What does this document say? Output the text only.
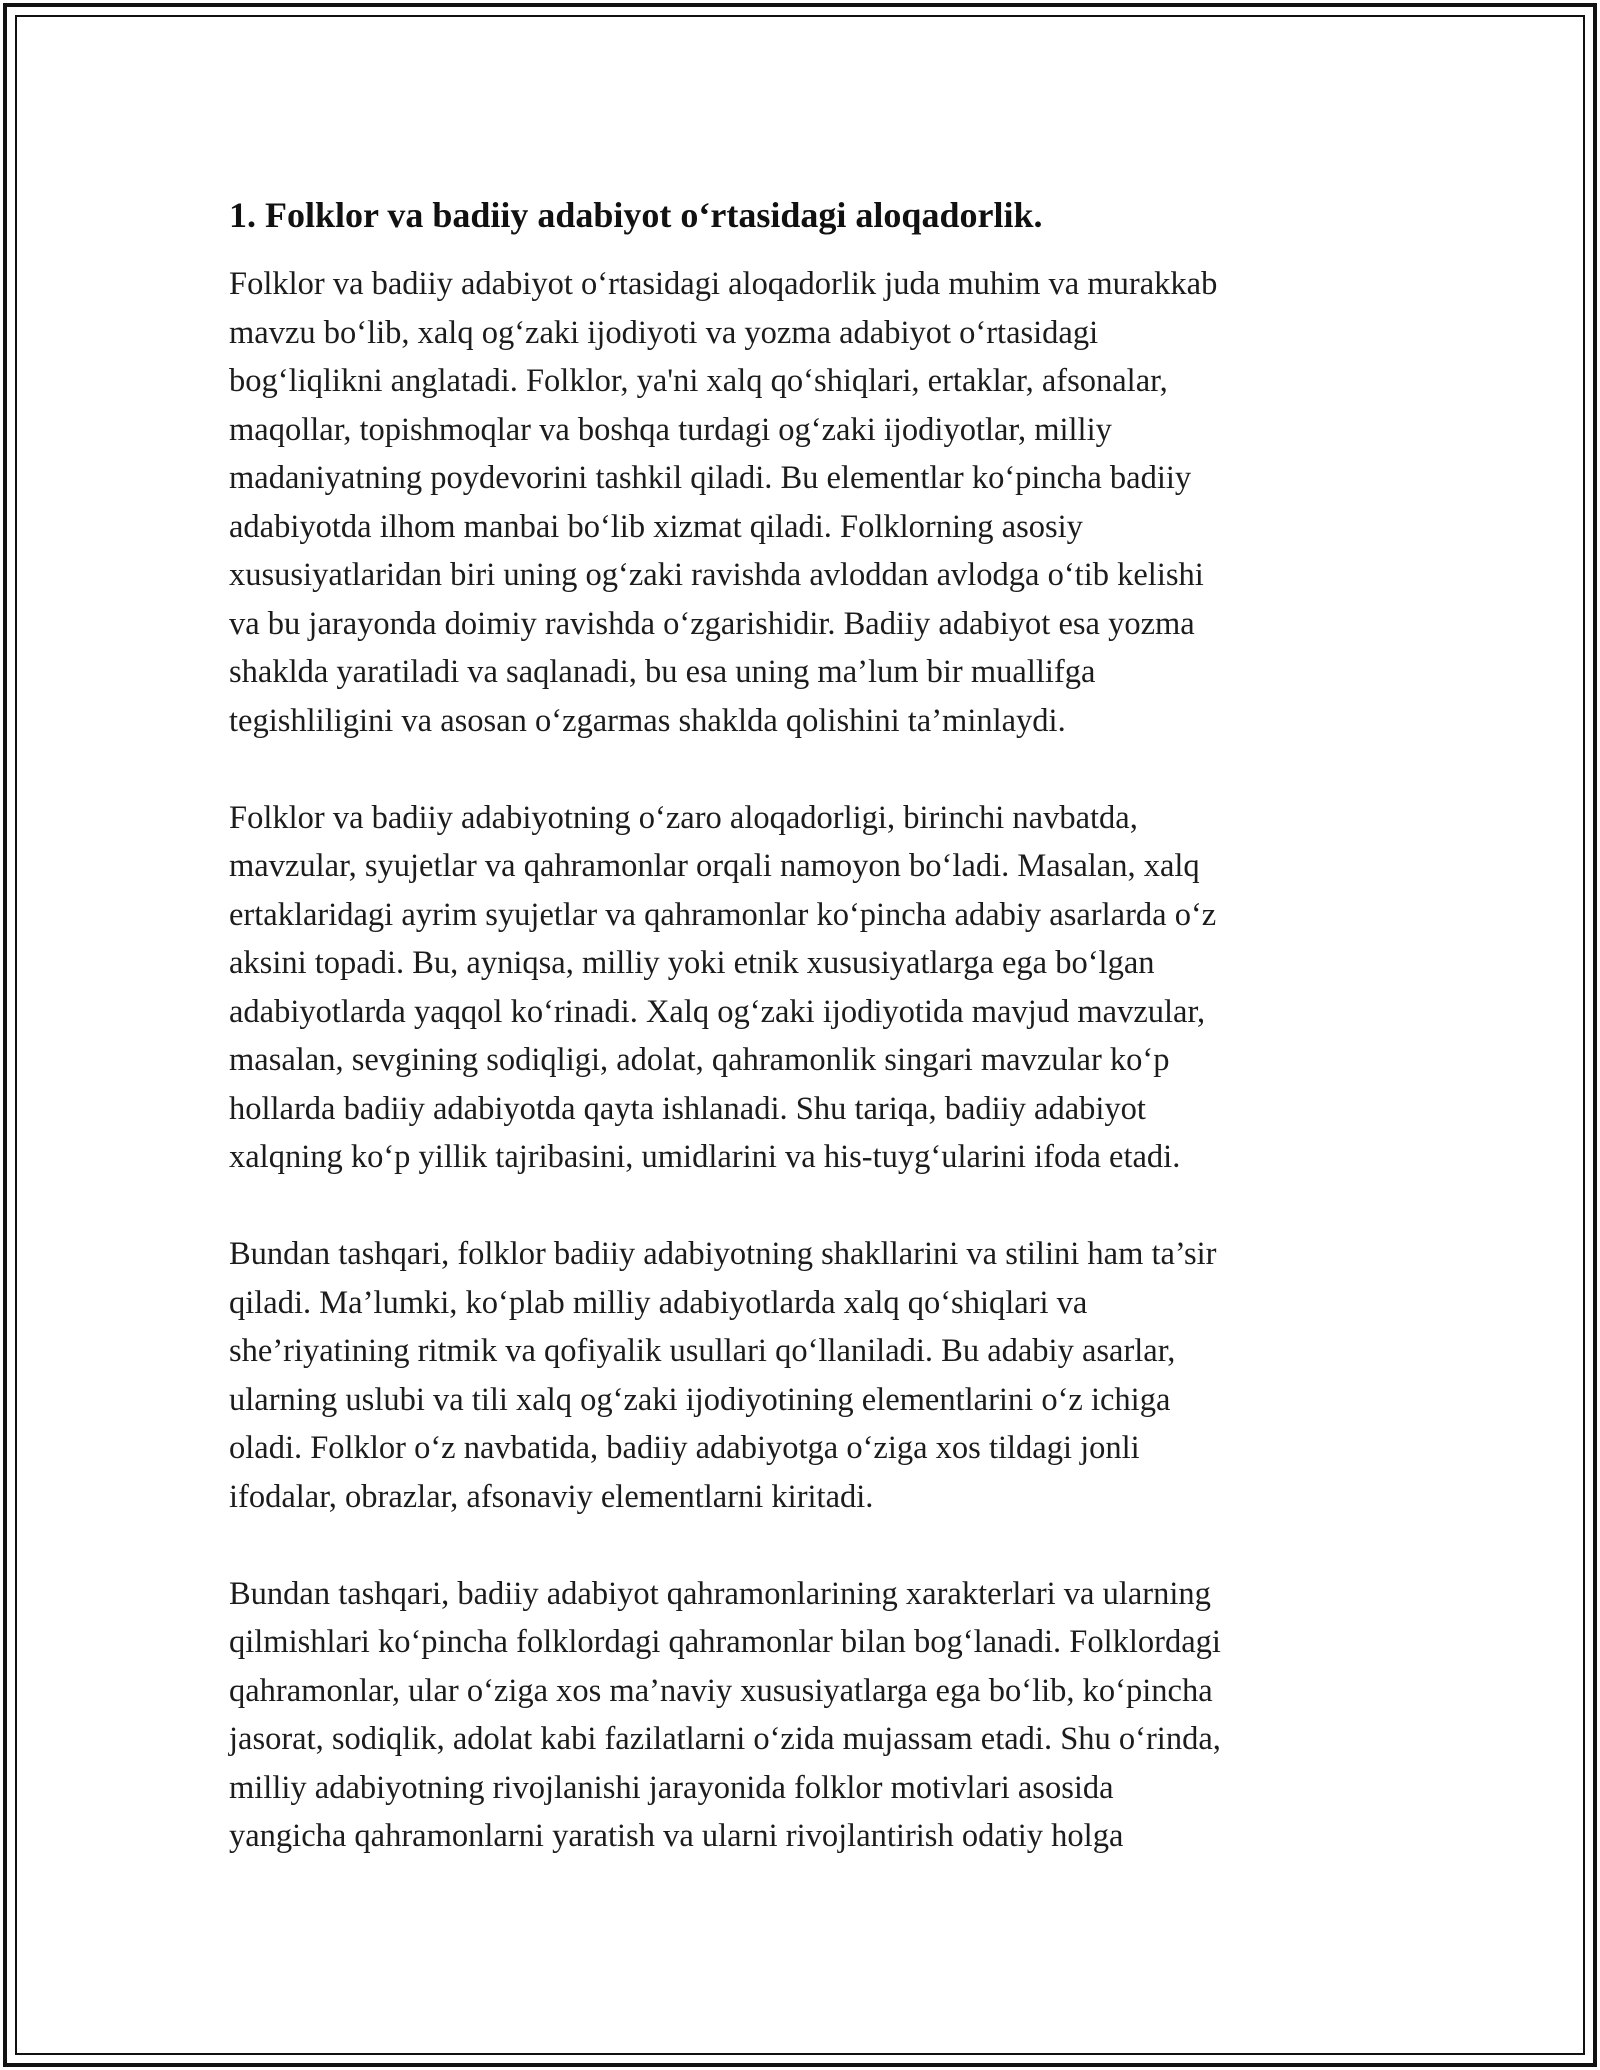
1. Folklor va badiiy adabiyot o‘rtasidagi aloqadorlik.

Folklor va badiiy adabiyot o‘rtasidagi aloqadorlik juda muhim va murakkab
mavzu bo‘lib, xalq og‘zaki ijodiyoti va yozma adabiyot o‘rtasidagi
bog‘liqlikni anglatadi. Folklor, ya'ni xalq qo‘shiqlari, ertaklar, afsonalar,
maqollar, topishmoqlar va boshqa turdagi og‘zaki ijodiyotlar, milliy
madaniyatning poydevorini tashkil qiladi. Bu elementlar ko‘pincha badiiy
adabiyotda ilhom manbai bo‘lib xizmat qiladi. Folklorning asosiy
xususiyatlaridan biri uning og‘zaki ravishda avloddan avlodga o‘tib kelishi
va bu jarayonda doimiy ravishda o‘zgarishidir. Badiiy adabiyot esa yozma
shaklda yaratiladi va saqlanadi, bu esa uning ma’lum bir muallifga
tegishliligini va asosan o‘zgarmas shaklda qolishini ta’minlaydi.

Folklor va badiiy adabiyotning o‘zaro aloqadorligi, birinchi navbatda,
mavzular, syujetlar va qahramonlar orqali namoyon bo‘ladi. Masalan, xalq
ertaklaridagi ayrim syujetlar va qahramonlar ko‘pincha adabiy asarlarda o‘z
aksini topadi. Bu, ayniqsa, milliy yoki etnik xususiyatlarga ega bo‘lgan
adabiyotlarda yaqqol ko‘rinadi. Xalq og‘zaki ijodiyotida mavjud mavzular,
masalan, sevgining sodiqligi, adolat, qahramonlik singari mavzular ko‘p
hollarda badiiy adabiyotda qayta ishlanadi. Shu tariqa, badiiy adabiyot
xalqning ko‘p yillik tajribasini, umidlarini va his-tuyg‘ularini ifoda etadi.

Bundan tashqari, folklor badiiy adabiyotning shakllarini va stilini ham ta’sir
qiladi. Ma’lumki, ko‘plab milliy adabiyotlarda xalq qo‘shiqlari va
she’riyatining ritmik va qofiyalik usullari qo‘llaniladi. Bu adabiy asarlar,
ularning uslubi va tili xalq og‘zaki ijodiyotining elementlarini o‘z ichiga
oladi. Folklor o‘z navbatida, badiiy adabiyotga o‘ziga xos tildagi jonli
ifodalar, obrazlar, afsonaviy elementlarni kiritadi.

Bundan tashqari, badiiy adabiyot qahramonlarining xarakterlari va ularning
qilmishlari ko‘pincha folklordagi qahramonlar bilan bog‘lanadi. Folklordagi
qahramonlar, ular o‘ziga xos ma’naviy xususiyatlarga ega bo‘lib, ko‘pincha
jasorat, sodiqlik, adolat kabi fazilatlarni o‘zida mujassam etadi. Shu o‘rinda,
milliy adabiyotning rivojlanishi jarayonida folklor motivlari asosida
yangicha qahramonlarni yaratish va ularni rivojlantirish odatiy holga
